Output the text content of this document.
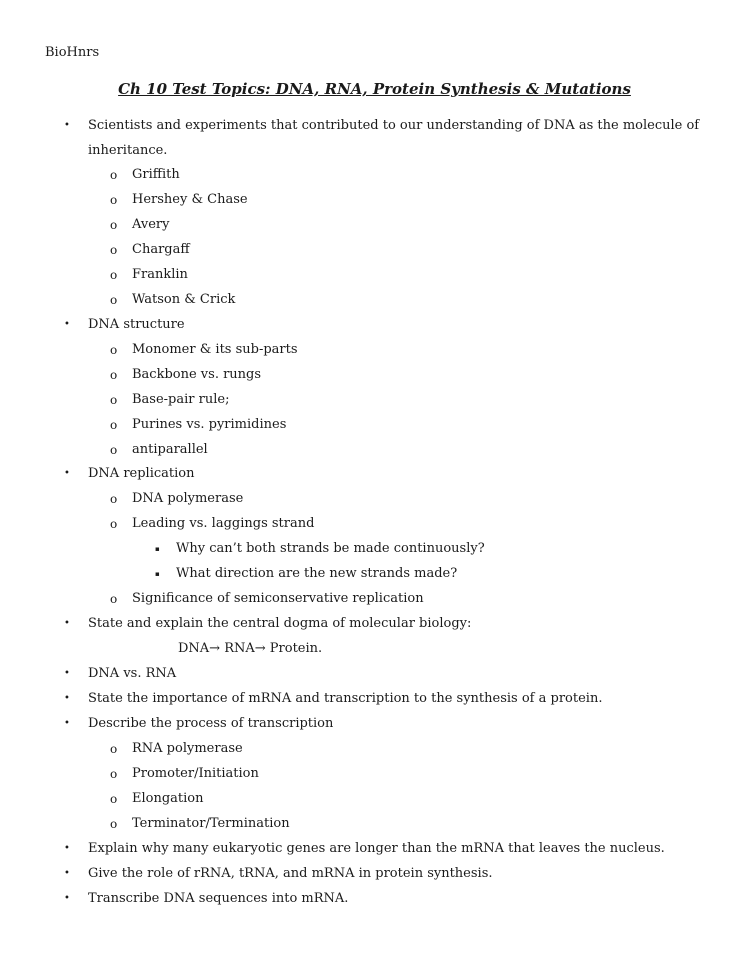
BioHnrs
Ch 10 Test Topics: DNA, RNA, Protein Synthesis & Mutations
• Scientists and experiments that contributed to our understanding of DNA as the molecule of
inheritance.
o Griffith
o Hershey & Chase
o Avery
o Chargaff
o Franklin
o Watson & Crick
• DNA structure
o Monomer & its sub-parts
o Backbone vs. rungs
o Base-pair rule;
o Purines vs. pyrimidines
o antiparallel
• DNA replication
o DNA polymerase
o Leading vs. laggings strand
▪ Why can’t both strands be made continuously?
▪ What direction are the new strands made?
o Significance of semiconservative replication
• State and explain the central dogma of molecular biology:
DNA→ RNA→ Protein.
• DNA vs. RNA
• State the importance of mRNA and transcription to the synthesis of a protein.
• Describe the process of transcription
o RNA polymerase
o Promoter/Initiation
o Elongation
o Terminator/Termination
• Explain why many eukaryotic genes are longer than the mRNA that leaves the nucleus.
• Give the role of rRNA, tRNA, and mRNA in protein synthesis.
• Transcribe DNA sequences into mRNA.
